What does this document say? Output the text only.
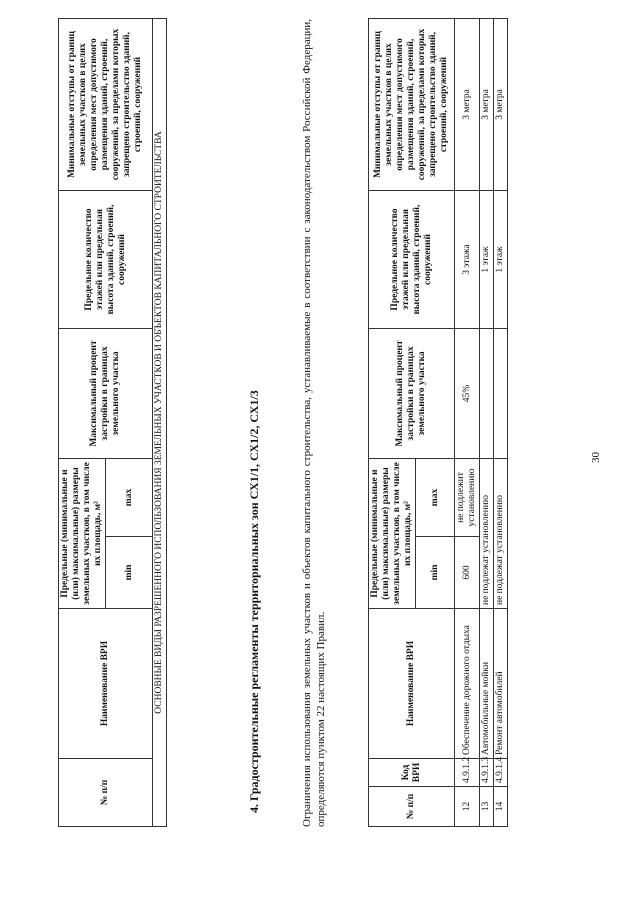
30
№ п/п	Код ВРИ	Наименование ВРИ	Предельные (минимальные и (или) максимальные) размеры земельных участков, в том числе их площадь, м²		Максимальный процент застройки в границах земельного участка	Предельное количество этажей или предельная высота зданий, строений, сооружений	Минимальные отступы от границ земельных участков в целях определения мест допустимого размещения зданий, строений, сооружений, за пределами которых запрещено строительство зданий, строений, сооружений
			min	max			
12	4.9.1.2	Обеспечение дорожного отдыха	600	не подлежит установлению	45%	3 этажа	3 метра
13	4.9.1.3	Автомобильные мойки	не подлежат установлению			1 этаж	3 метра
14	4.9.1.4	Ремонт автомобилей	не подлежат установлению			1 этаж	3 метра
Ограничения использования земельных участков и объектов капитального строительства, устанавливаемые в соответствии с законодательством Российской Федерации, определяются пунктом 22 настоящих Правил.
4. Градостроительные регламенты территориальных зон СХ1/1, СХ1/2, СХ1/3
№ п/п	Наименование ВРИ	Предельные (минимальные и (или) максимальные) размеры земельных участков, в том числе их площадь, м²		Максимальный процент застройки в границах земельного участка	Предельное количество этажей или предельная высота зданий, строений, сооружений	Минимальные отступы от границ земельных участков в целях определения мест допустимого размещения зданий, строений, сооружений, за пределами которых запрещено строительство зданий, строений, сооружений
		min	max			
ОСНОВНЫЕ ВИДЫ РАЗРЕШЕННОГО ИСПОЛЬЗОВАНИЯ ЗЕМЕЛЬНЫХ УЧАСТКОВ И ОБЪЕКТОВ КАПИТАЛЬНОГО СТРОИТЕЛЬСТВА						
